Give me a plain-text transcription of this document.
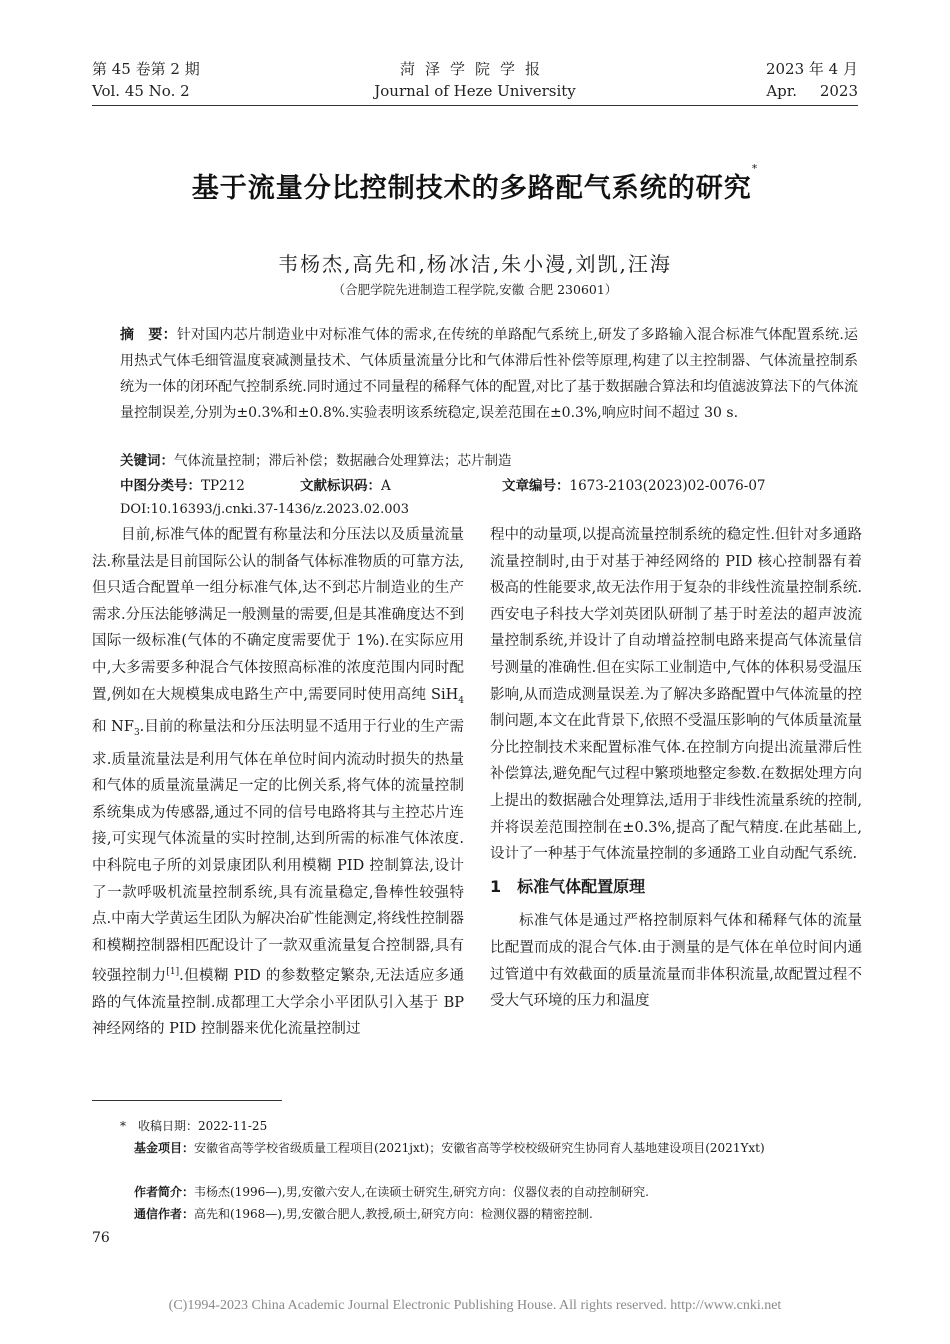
第 45 卷第 2 期
Vol. 45 No. 2
菏泽学院学报
Journal of Heze University
2023 年 4 月
Apr. 2023
基于流量分比控制技术的多路配气系统的研究*
韦杨杰,高先和,杨冰洁,朱小漫,刘凯,汪海
（合肥学院先进制造工程学院,安徽 合肥 230601）
摘　要：针对国内芯片制造业中对标准气体的需求,在传统的单路配气系统上,研发了多路输入混合标准气体配置系统.运用热式气体毛细管温度衰减测量技术、气体质量流量分比和气体滞后性补偿等原理,构建了以主控制器、气体流量控制系统为一体的闭环配气控制系统.同时通过不同量程的稀释气体的配置,对比了基于数据融合算法和均值滤波算法下的气体流量控制误差,分别为±0.3%和±0.8%.实验表明该系统稳定,误差范围在±0.3%,响应时间不超过 30 s.
关键词：气体流量控制；滞后补偿；数据融合处理算法；芯片制造
中图分类号：TP212	文献标识码：A	文章编号：1673-2103(2023)02-0076-07
DOI:10.16393/j.cnki.37-1436/z.2023.02.003

目前,标准气体的配置有称量法和分压法以及质量流量法.称量法是目前国际公认的制备气体标准物质的可靠方法,但只适合配置单一组分标准气体,达不到芯片制造业的生产需求.分压法能够满足一般测量的需要,但是其准确度达不到国际一级标准(气体的不确定度需要优于 1%).在实际应用中,大多需要多种混合气体按照高标准的浓度范围内同时配置,例如在大规模集成电路生产中,需要同时使用高纯 SiH$_4$ 和 $NF_3$.目前的称量法和分压法明显不适用于行业的生产需求.质量流量法是利用气体在单位时间内流动时损失的热量和气体的质量流量满足一定的比例关系,将气体的流量控制系统集成为传感器,通过不同的信号电路将其与主控芯片连接,可实现气体流量的实时控制,达到所需的标准气体浓度.中科院电子所的刘景康团队利用模糊 PID 控制算法,设计了一款呼吸机流量控制系统,具有流量稳定,鲁棒性较强特点.中南大学黄运生团队为解决冶矿性能测定,将线性控制器和模糊控制器相匹配设计了一款双重流量复合控制器,具有较强控制力[1].但模糊 PID 的参数整定繁杂,无法适应多通路的气体流量控制.成都理工大学余小平团队引入基于 BP 神经网络的 PID 控制器来优化流量控制过

程中的动量项,以提高流量控制系统的稳定性.但针对多通路流量控制时,由于对基于神经网络的 PID 核心控制器有着极高的性能要求,故无法作用于复杂的非线性流量控制系统.西安电子科技大学刘英团队研制了基于时差法的超声波流量控制系统,并设计了自动增益控制电路来提高气体流量信号测量的准确性.但在实际工业制造中,气体的体积易受温压影响,从而造成测量误差.为了解决多路配置中气体流量的控制问题,本文在此背景下,依照不受温压影响的气体质量流量分比控制技术来配置标准气体.在控制方向提出流量滞后性补偿算法,避免配气过程中繁琐地整定参数.在数据处理方向上提出的数据融合处理算法,适用于非线性流量系统的控制,并将误差范围控制在±0.3%,提高了配气精度.在此基础上,设计了一种基于气体流量控制的多通路工业自动配气系统.

1　标准气体配置原理

标准气体是通过严格控制原料气体和稀释气体的流量比配置而成的混合气体.由于测量的是气体在单位时间内通过管道中有效截面的质量流量而非体积流量,故配置过程不受大气环境的压力和温度

*　收稿日期：2022-11-25
基金项目：安徽省高等学校省级质量工程项目(2021jxt)；安徽省高等学校校级研究生协同育人基地建设项目(2021Yxt)
作者简介：韦杨杰(1996—),男,安徽六安人,在读硕士研究生,研究方向：仪器仪表的自动控制研究.
通信作者：高先和(1968—),男,安徽合肥人,教授,硕士,研究方向：检测仪器的精密控制.
76
(C)1994-2023 China Academic Journal Electronic Publishing House. All rights reserved. http://www.cnki.net
